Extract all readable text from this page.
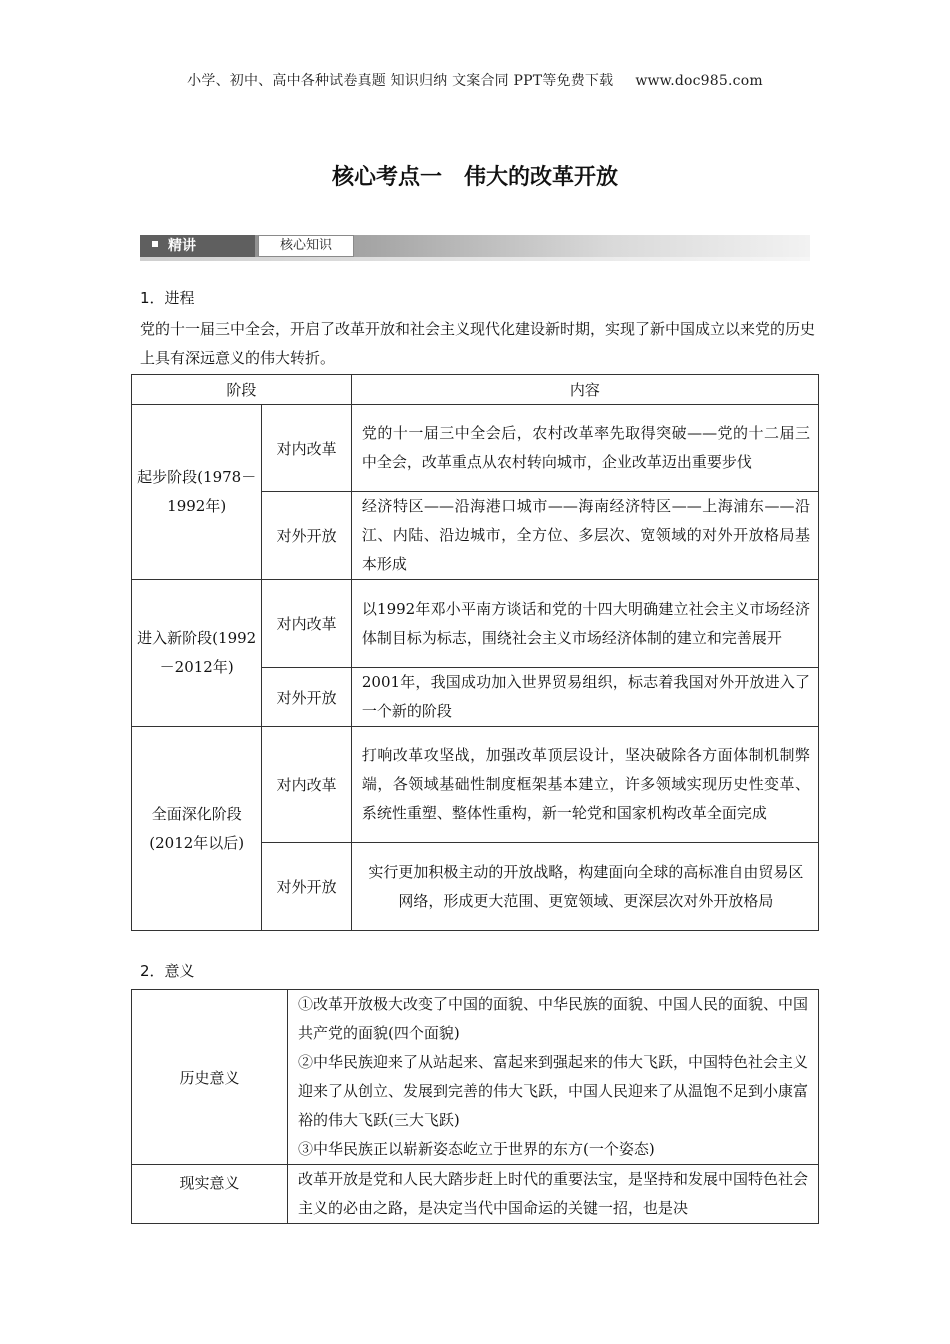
小学、初中、高中各种试卷真题 知识归纳 文案合同 PPT等免费下载 www.doc985.com
核心考点一　伟大的改革开放
精讲	核心知识
1．进程
党的十一届三中全会，开启了改革开放和社会主义现代化建设新时期，实现了新中国成立以来党的历史上具有深远意义的伟大转折。
阶段		内容
起步阶段(1978－1992年)	对内改革	党的十一届三中全会后，农村改革率先取得突破——党的十二届三中全会，改革重点从农村转向城市，企业改革迈出重要步伐
	对外开放	经济特区——沿海港口城市——海南经济特区——上海浦东——沿江、内陆、沿边城市，全方位、多层次、宽领域的对外开放格局基本形成
进入新阶段(1992－2012年)	对内改革	以1992年邓小平南方谈话和党的十四大明确建立社会主义市场经济体制目标为标志，围绕社会主义市场经济体制的建立和完善展开
	对外开放	2001年，我国成功加入世界贸易组织，标志着我国对外开放进入了一个新的阶段
全面深化阶段(2012年以后)	对内改革	打响改革攻坚战，加强改革顶层设计，坚决破除各方面体制机制弊端，各领域基础性制度框架基本建立，许多领域实现历史性变革、系统性重塑、整体性重构，新一轮党和国家机构改革全面完成
	对外开放	实行更加积极主动的开放战略，构建面向全球的高标准自由贸易区网络，形成更大范围、更宽领域、更深层次对外开放格局
2．意义
历史意义	①改革开放极大改变了中国的面貌、中华民族的面貌、中国人民的面貌、中国共产党的面貌(四个面貌)
②中华民族迎来了从站起来、富起来到强起来的伟大飞跃，中国特色社会主义迎来了从创立、发展到完善的伟大飞跃，中国人民迎来了从温饱不足到小康富裕的伟大飞跃(三大飞跃)
③中华民族正以崭新姿态屹立于世界的东方(一个姿态)

现实意义	改革开放是党和人民大踏步赶上时代的重要法宝，是坚持和发展中国特色社会主义的必由之路，是决定当代中国命运的关键一招，也是决
